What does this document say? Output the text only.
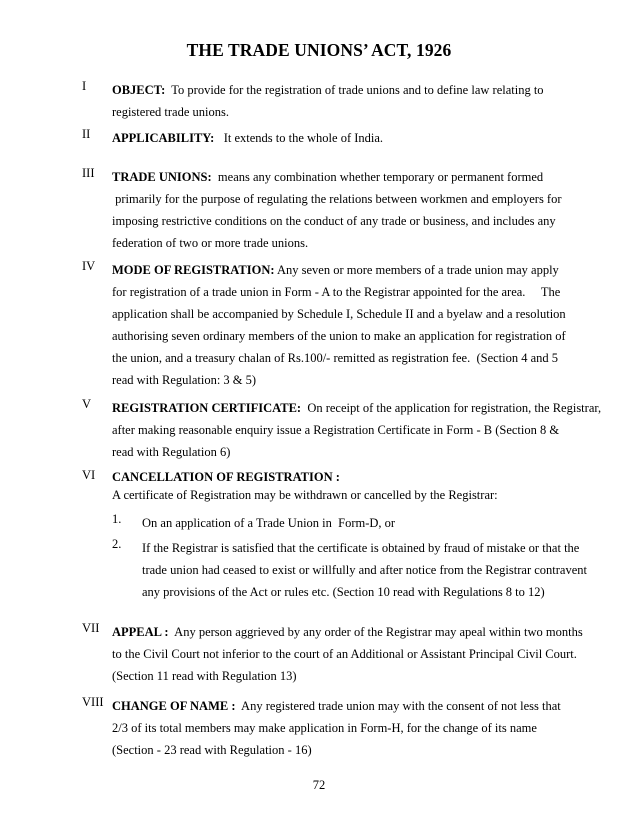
THE TRADE UNIONS’ ACT, 1926
I	OBJECT:  To provide for the registration of trade unions and to define law relating to
registered trade unions.
II	APPLICABILITY:   It extends to the whole of India.
III	TRADE UNIONS:  means any combination whether temporary or permanent formed
primarily for the purpose of regulating the relations between workmen and employers for
imposing restrictive conditions on the conduct of any trade or business, and includes any
federation of two or more trade unions.
IV	MODE OF REGISTRATION: Any seven or more members of a trade union may apply
for registration of a trade union in Form - A to the Registrar appointed for the area.     The
application shall be accompanied by Schedule I, Schedule II and a byelaw and a resolution
authorising seven ordinary members of the union to make an application for registration of
the union, and a treasury chalan of Rs.100/- remitted as registration fee.  (Section 4 and 5
read with Regulation: 3 & 5)
V	REGISTRATION CERTIFICATE:  On receipt of the application for registration, the Registrar,
after making reasonable enquiry issue a Registration Certificate in Form - B (Section 8 &
read with Regulation 6)
VI	CANCELLATION OF REGISTRATION :
A certificate of Registration may be withdrawn or cancelled by the Registrar:
1.	On an application of a Trade Union in  Form-D, or
2.	If the Registrar is satisfied that the certificate is obtained by fraud of mistake or that the
trade union had ceased to exist or willfully and after notice from the Registrar contravent
any provisions of the Act or rules etc. (Section 10 read with Regulations 8 to 12)
VII	APPEAL :  Any person aggrieved by any order of the Registrar may apeal within two months
to the Civil Court not inferior to the court of an Additional or Assistant Principal Civil Court.
(Section 11 read with Regulation 13)
VIII CHANGE OF NAME :  Any registered trade union may with the consent of not less that
2/3 of its total members may make application in Form-H, for the change of its name
(Section - 23 read with Regulation - 16)
72
